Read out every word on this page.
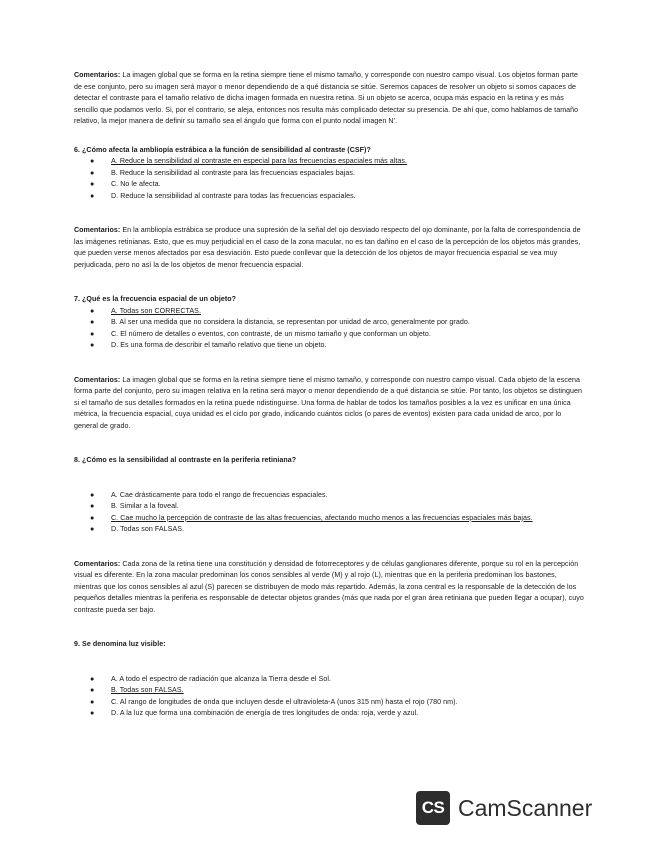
Comentarios: La imagen global que se forma en la retina siempre tiene el mismo tamaño, y corresponde con nuestro campo visual. Los objetos forman parte de ese conjunto, pero su imagen será mayor o menor dependiendo de a qué distancia se sitúe. Seremos capaces de resolver un objeto si somos capaces de detectar el contraste para el tamaño relativo de dicha imagen formada en nuestra retina. Si un objeto se acerca, ocupa más espacio en la retina y es más sencillo que podamos verlo. Si, por el contrario, se aleja, entonces nos resulta más complicado detectar su presencia. De ahí que, como hablamos de tamaño relativo, la mejor manera de definir su tamaño sea el ángulo que forma con el punto nodal imagen N'.

6. ¿Cómo afecta la ambliopía estrábica a la función de sensibilidad al contraste (CSF)?

● A. Reduce la sensibilidad al contraste en especial para las frecuencias espaciales más altas.
● B. Reduce la sensibilidad al contraste para las frecuencias espaciales bajas.
● C. No le afecta.
● D. Reduce la sensibilidad al contraste para todas las frecuencias espaciales.

Comentarios: En la ambliopía estrábica se produce una supresión de la señal del ojo desviado respecto del ojo dominante, por la falta de correspondencia de las imágenes retinianas. Esto, que es muy perjudicial en el caso de la zona macular, no es tan dañino en el caso de la percepción de los objetos más grandes, que pueden verse menos afectados por esa desviación. Esto puede conllevar que la detección de los objetos de mayor frecuencia espacial se vea muy perjudicada, pero no así la de los objetos de menor frecuencia espacial.

7. ¿Qué es la frecuencia espacial de un objeto?

● A. Todas son CORRECTAS.
● B. Al ser una medida que no considera la distancia, se representan por unidad de arco, generalmente por grado.
● C. El número de detalles o eventos, con contraste, de un mismo tamaño y que conforman un objeto.
● D. Es una forma de describir el tamaño relativo que tiene un objeto.

Comentarios: La imagen global que se forma en la retina siempre tiene el mismo tamaño, y corresponde con nuestro campo visual. Cada objeto de la escena forma parte del conjunto, pero su imagen relativa en la retina será mayor o menor dependiendo de a qué distancia se sitúe. Por tanto, los objetos se distinguen si el tamaño de sus detalles formados en la retina puede ndistinguirse. Una forma de hablar de todos los tamaños posibles a la vez es unificar en una única métrica, la frecuencia espacial, cuya unidad es el ciclo por grado, indicando cuántos ciclos (o pares de eventos) existen para cada unidad de arco, por lo general de grado.

8. ¿Cómo es la sensibilidad al contraste en la periferia retiniana?

● A. Cae drásticamente para todo el rango de frecuencias espaciales.
● B. Similar a la foveal.
● C. Cae mucho la percepción de contraste de las altas frecuencias, afectando mucho menos a las frecuencias espaciales más bajas.
● D. Todas son FALSAS.

Comentarios: Cada zona de la retina tiene una constitución y densidad de fotorreceptores y de células ganglionares diferente, porque su rol en la percepción visual es diferente. En la zona macular predominan los conos sensibles al verde (M) y al rojo (L), mientras que en la periferia predominan los bastones, mientras que los conos sensibles al azul (S) parecen se distribuyen de modo más repartido. Además, la zona central es la responsable de la detección de los pequeños detalles mientras la periferia es responsable de detectar objetos grandes (más que nada por el gran área retiniana que pueden llegar a ocupar), cuyo contraste pueda ser bajo.

9. Se denomina luz visible:

● A. A todo el espectro de radiación que alcanza la Tierra desde el Sol.
● B. Todas son FALSAS.
● C. Al rango de longitudes de onda que incluyen desde el ultravioleta-A (unos 315 nm) hasta el rojo (780 nm).
● D. A la luz que forma una combinación de energía de tres longitudes de onda: roja, verde y azul.
CS CamScanner
